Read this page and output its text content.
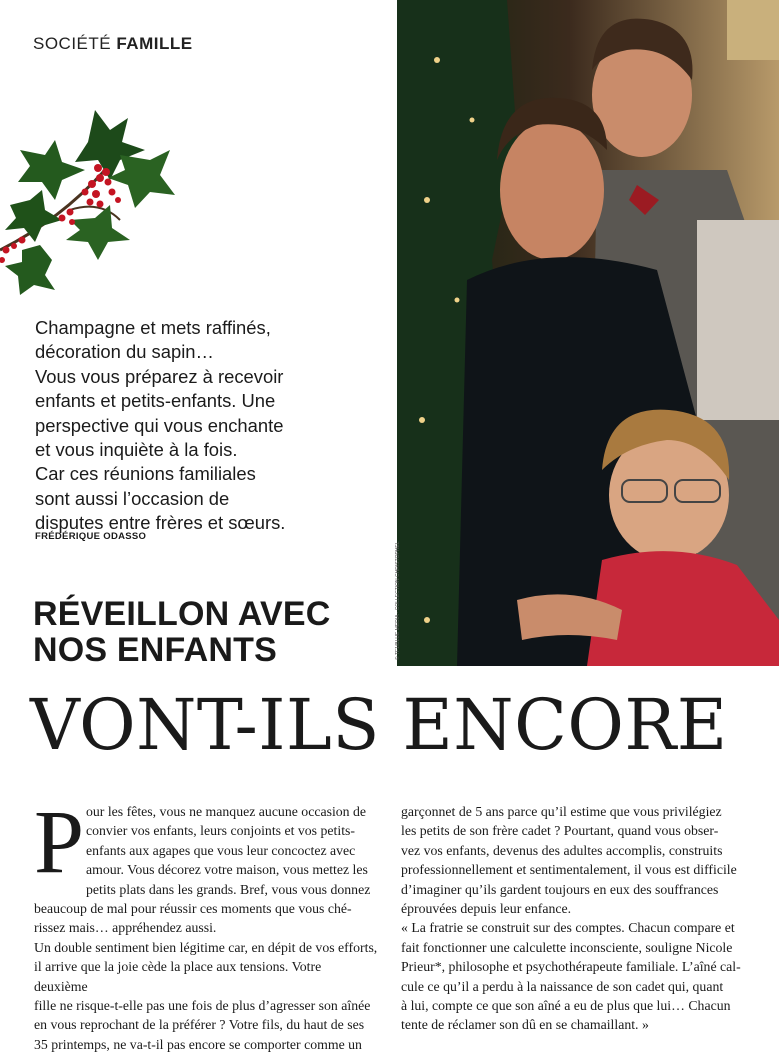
SOCIÉTÉ FAMILLE
© TF1/BLUE MEDIA - COLLECTION CHRISTOPHEL

Champagne et mets raffinés,

décoration du sapin…

Vous vous préparez à recevoir

enfants et petits-enfants. Une

perspective qui vous enchante

et vous inquiète à la fois.

Car ces réunions familiales

sont aussi l’occasion de

disputes entre frères et sœurs.

FRÉDÉRIQUE ODASSO
RÉVEILLON AVEC
NOS ENFANTS
VONT-ILS ENCORE
P our les fêtes, vous ne manquez aucune occasion de
convier vos enfants, leurs conjoints et vos petits-
enfants aux agapes que vous leur concoctez avec
amour. Vous décorez votre maison, vous mettez les
petits plats dans les grands. Bref, vous vous donnez
beaucoup de mal pour réussir ces moments que vous ché-
rissez mais… appréhendez aussi.
Un double sentiment bien légitime car, en dépit de vos efforts,
il arrive que la joie cède la place aux tensions. Votre deuxième
fille ne risque-t-elle pas une fois de plus d’agresser son aînée
en vous reprochant de la préférer ? Votre fils, du haut de ses
35 printemps, ne va-t-il pas encore se comporter comme un

garçonnet de 5 ans parce qu’il estime que vous privilégiez

les petits de son frère cadet ? Pourtant, quand vous obser-

vez vos enfants, devenus des adultes accomplis, construits

professionnellement et sentimentalement, il vous est difficile

d’imaginer qu’ils gardent toujours en eux des souffrances

éprouvées depuis leur enfance.

« La fratrie se construit sur des comptes. Chacun compare et

fait fonctionner une calculette inconsciente, souligne Nicole

Prieur*, philosophe et psychothérapeute familiale. L’aîné cal-

cule ce qu’il a perdu à la naissance de son cadet qui, quant

à lui, compte ce que son aîné a eu de plus que lui… Chacun

tente de réclamer son dû en se chamaillant. »
